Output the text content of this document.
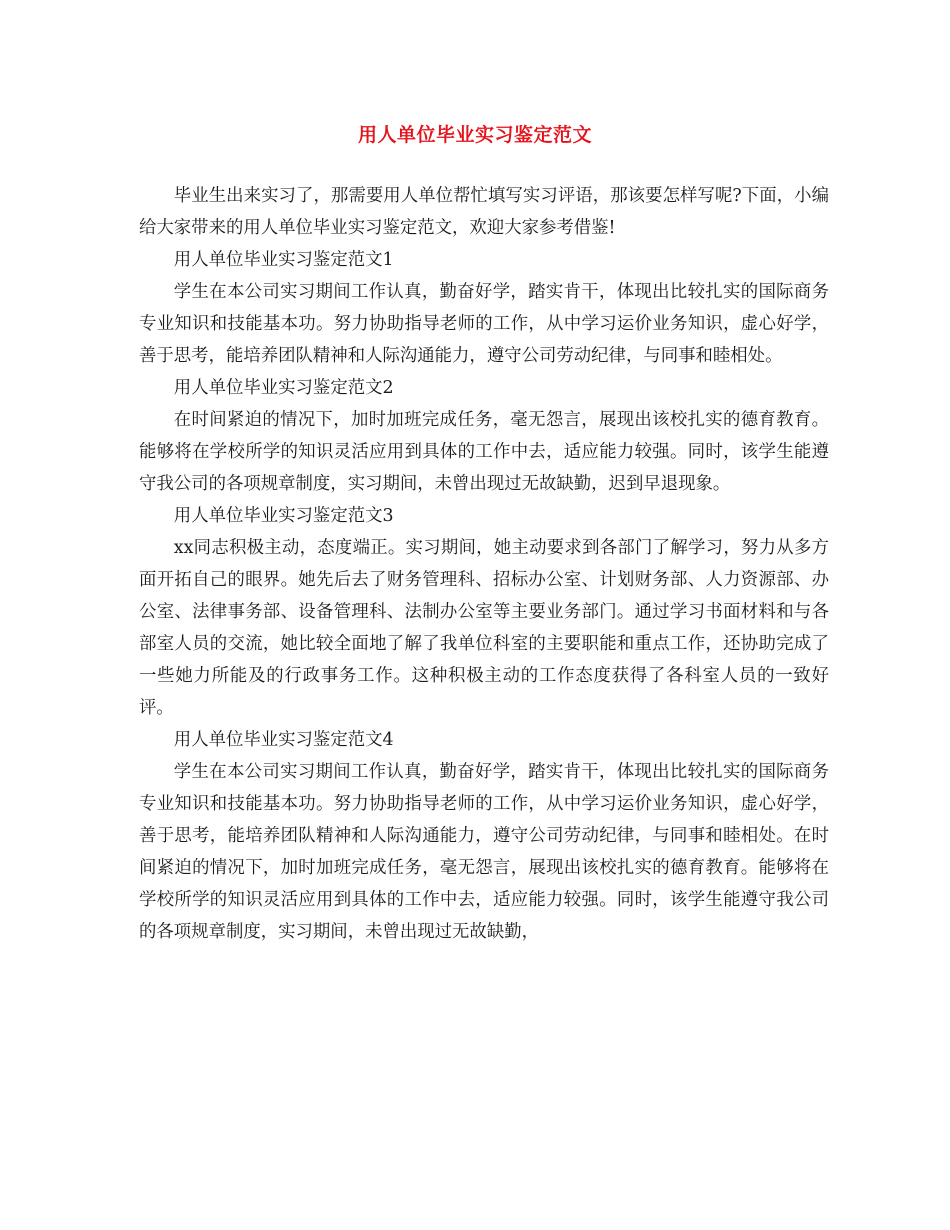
用人单位毕业实习鉴定范文

毕业生出来实习了，那需要用人单位帮忙填写实习评语，那该要怎样写呢?下面，小编给大家带来的用人单位毕业实习鉴定范文，欢迎大家参考借鉴!

用人单位毕业实习鉴定范文1

学生在本公司实习期间工作认真，勤奋好学，踏实肯干，体现出比较扎实的国际商务专业知识和技能基本功。努力协助指导老师的工作，从中学习运价业务知识，虚心好学，善于思考，能培养团队精神和人际沟通能力，遵守公司劳动纪律，与同事和睦相处。

用人单位毕业实习鉴定范文2

在时间紧迫的情况下，加时加班完成任务，毫无怨言，展现出该校扎实的德育教育。能够将在学校所学的知识灵活应用到具体的工作中去，适应能力较强。同时，该学生能遵守我公司的各项规章制度，实习期间，未曾出现过无故缺勤，迟到早退现象。

用人单位毕业实习鉴定范文3

xx同志积极主动，态度端正。实习期间，她主动要求到各部门了解学习，努力从多方面开拓自己的眼界。她先后去了财务管理科、招标办公室、计划财务部、人力资源部、办公室、法律事务部、设备管理科、法制办公室等主要业务部门。通过学习书面材料和与各部室人员的交流，她比较全面地了解了我单位科室的主要职能和重点工作，还协助完成了一些她力所能及的行政事务工作。这种积极主动的工作态度获得了各科室人员的一致好评。

用人单位毕业实习鉴定范文4

学生在本公司实习期间工作认真，勤奋好学，踏实肯干，体现出比较扎实的国际商务专业知识和技能基本功。努力协助指导老师的工作，从中学习运价业务知识，虚心好学，善于思考，能培养团队精神和人际沟通能力，遵守公司劳动纪律，与同事和睦相处。在时间紧迫的情况下，加时加班完成任务，毫无怨言，展现出该校扎实的德育教育。能够将在学校所学的知识灵活应用到具体的工作中去，适应能力较强。同时，该学生能遵守我公司的各项规章制度，实习期间，未曾出现过无故缺勤，
